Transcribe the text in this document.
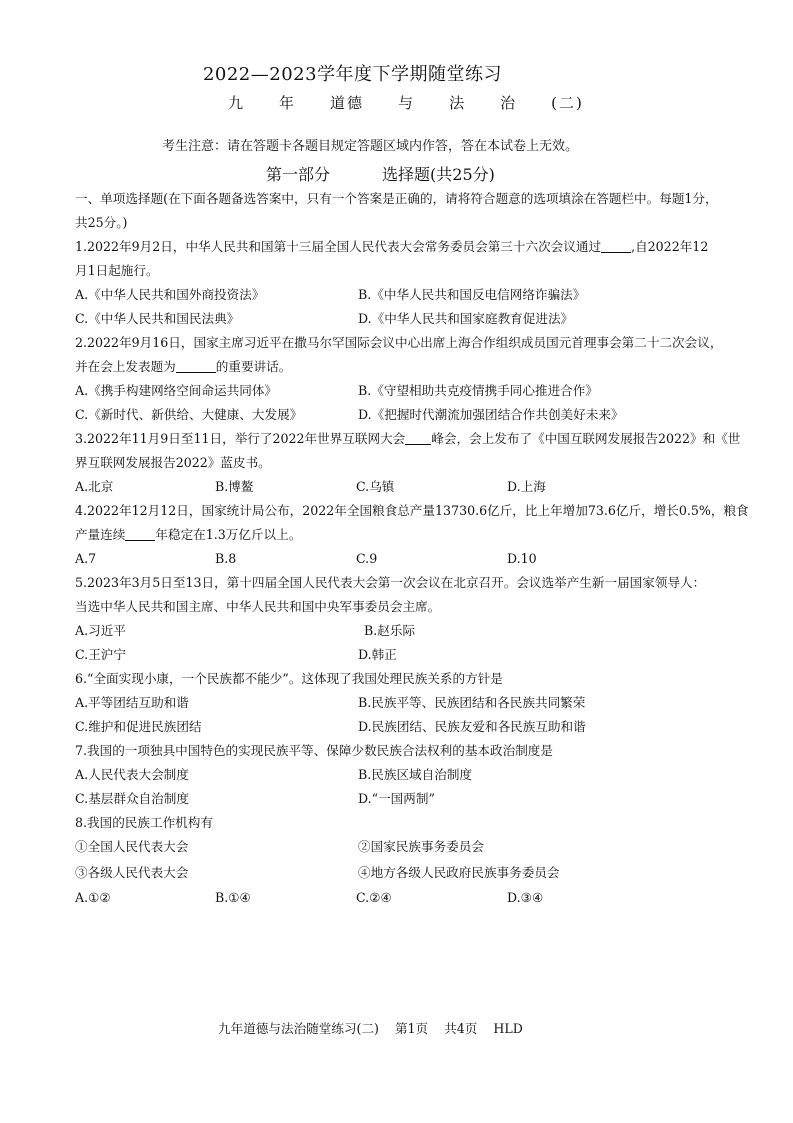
2022—2023学年度下学期随堂练习
九 年 道德 与 法 治 (二)
考生注意：请在答题卡各题目规定答题区域内作答，答在本试卷上无效。
第一部分	选择题(共25分)
一、单项选择题(在下面各题备选答案中，只有一个答案是正确的，请将符合题意的选项填涂在答题栏中。每题1分，
共25分。)
1.2022年9月2日，中华人民共和国第十三届全国人民代表大会常务委员会第三十六次会议通过 ,自2022年12
月1日起施行。
A.《中华人民共和国外商投资法》	B.《中华人民共和国反电信网络诈骗法》
C.《中华人民共和国民法典》	D.《中华人民共和国家庭教育促进法》
2.2022年9月16日，国家主席习近平在撒马尔罕国际会议中心出席上海合作组织成员国元首理事会第二十二次会议，
并在会上发表题为	的重要讲话。
A.《携手构建网络空间命运共同体》	B.《守望相助共克疫情携手同心推进合作》
C.《新时代、新供给、大健康、大发展》	D.《把握时代潮流加强团结合作共创美好未来》
3.2022年11月9日至11日，举行了2022年世界互联网大会 峰会，会上发布了《中国互联网发展报告2022》和《世
界互联网发展报告2022》蓝皮书。
A.北京	B.博鳌	C.乌镇	D.上海
4.2022年12月12日，国家统计局公布，2022年全国粮食总产量13730.6亿斤，比上年增加73.6亿斤，增长0.5%，粮食
产量连续 年稳定在1.3万亿斤以上。
A.7	B.8	C.9	D.10
5.2023年3月5日至13日，第十四届全国人民代表大会第一次会议在北京召开。会议选举产生新一届国家领导人：
当选中华人民共和国主席、中华人民共和国中央军事委员会主席。
A.习近平	B.赵乐际
C.王沪宁	D.韩正
6.“全面实现小康，一个民族都不能少”。这体现了我国处理民族关系的方针是
A.平等团结互助和谐	B.民族平等、民族团结和各民族共同繁荣
C.维护和促进民族团结	D.民族团结、民族友爱和各民族互助和谐
7.我国的一项独具中国特色的实现民族平等、保障少数民族合法权利的基本政治制度是
A.人民代表大会制度	B.民族区域自治制度
C.基层群众自治制度	D.“一国两制”
8.我国的民族工作机构有
①全国人民代表大会	②国家民族事务委员会
③各级人民代表大会	④地方各级人民政府民族事务委员会
A.①②	B.①④	C.②④	D.③④
九年道德与法治随堂练习(二) 第1页 共4页 HLD
